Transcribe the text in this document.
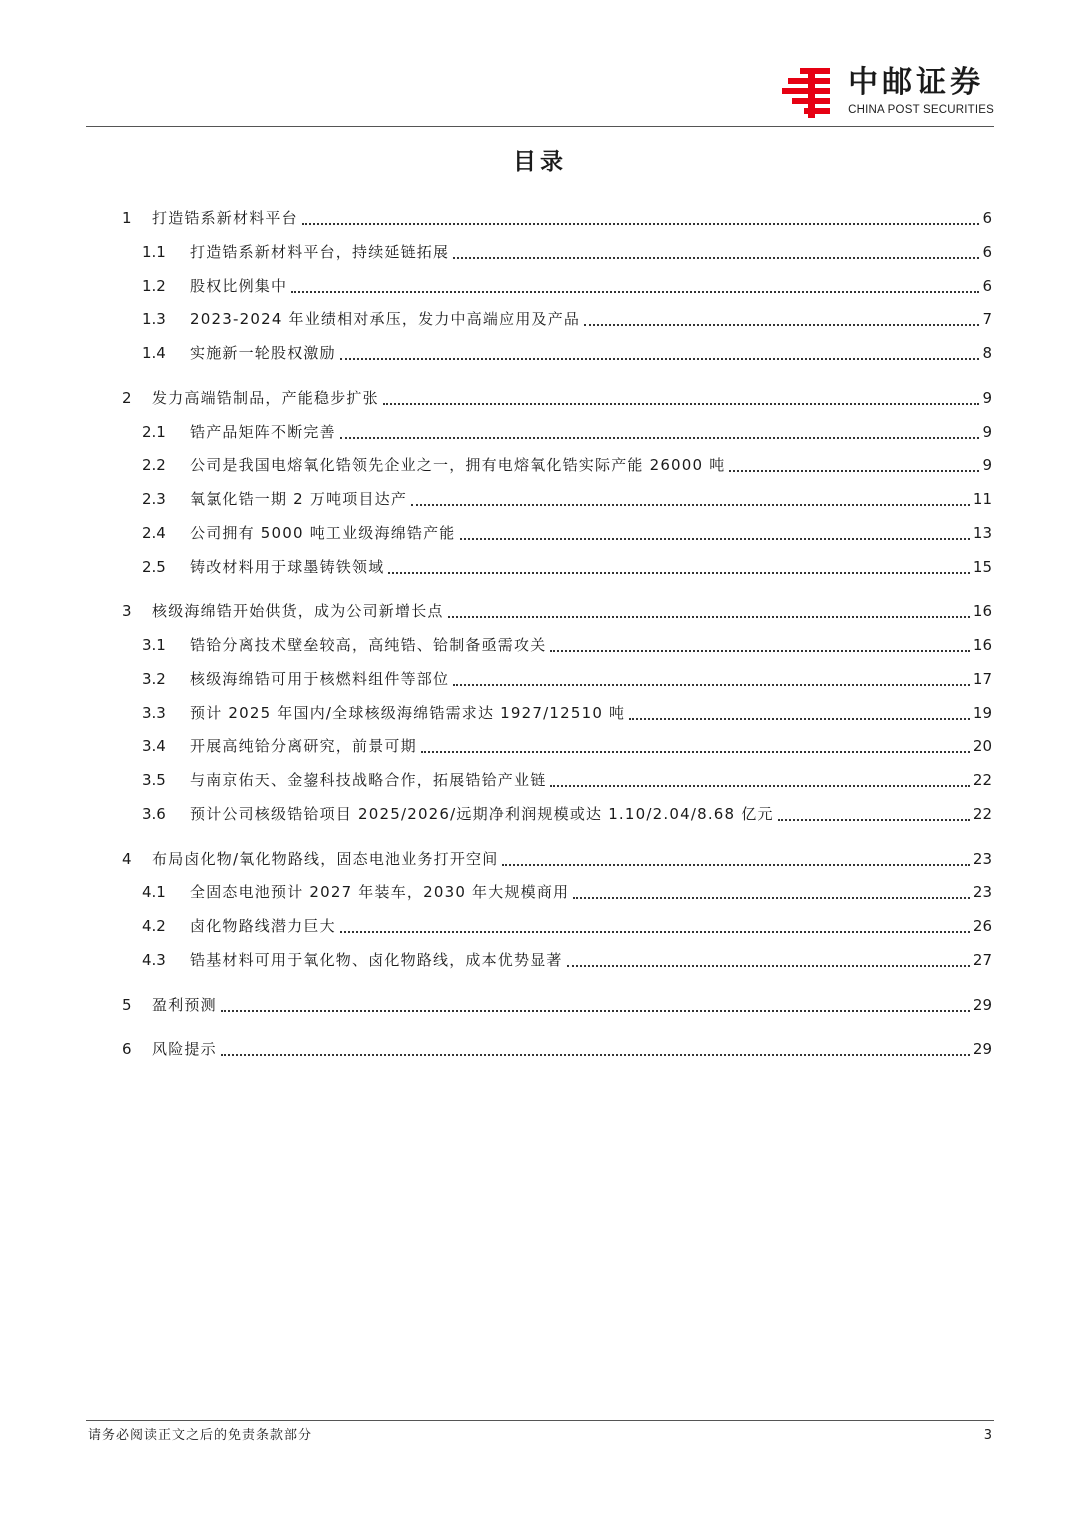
中邮证券
CHINA POST SECURITIES
目录
1 打造锆系新材料平台	6
1.1 打造锆系新材料平台，持续延链拓展	6
1.2 股权比例集中	6
1.3 2023-2024 年业绩相对承压，发力中高端应用及产品	7
1.4 实施新一轮股权激励	8
2 发力高端锆制品，产能稳步扩张	9
2.1 锆产品矩阵不断完善	9
2.2 公司是我国电熔氧化锆领先企业之一，拥有电熔氧化锆实际产能 26000 吨	9
2.3 氧氯化锆一期 2 万吨项目达产	11
2.4 公司拥有 5000 吨工业级海绵锆产能	13
2.5 铸改材料用于球墨铸铁领域	15
3 核级海绵锆开始供货，成为公司新增长点	16
3.1 锆铪分离技术壁垒较高，高纯锆、铪制备亟需攻关	16
3.2 核级海绵锆可用于核燃料组件等部位	17
3.3 预计 2025 年国内/全球核级海绵锆需求达 1927/12510 吨	19
3.4 开展高纯铪分离研究，前景可期	20
3.5 与南京佑天、金鋆科技战略合作，拓展锆铪产业链	22
3.6 预计公司核级锆铪项目 2025/2026/远期净利润规模或达 1.10/2.04/8.68 亿元	22
4 布局卤化物/氧化物路线，固态电池业务打开空间	23
4.1 全固态电池预计 2027 年装车，2030 年大规模商用	23
4.2 卤化物路线潜力巨大	26
4.3 锆基材料可用于氧化物、卤化物路线，成本优势显著	27
5 盈利预测	29
6 风险提示	29
请务必阅读正文之后的免责条款部分	3
